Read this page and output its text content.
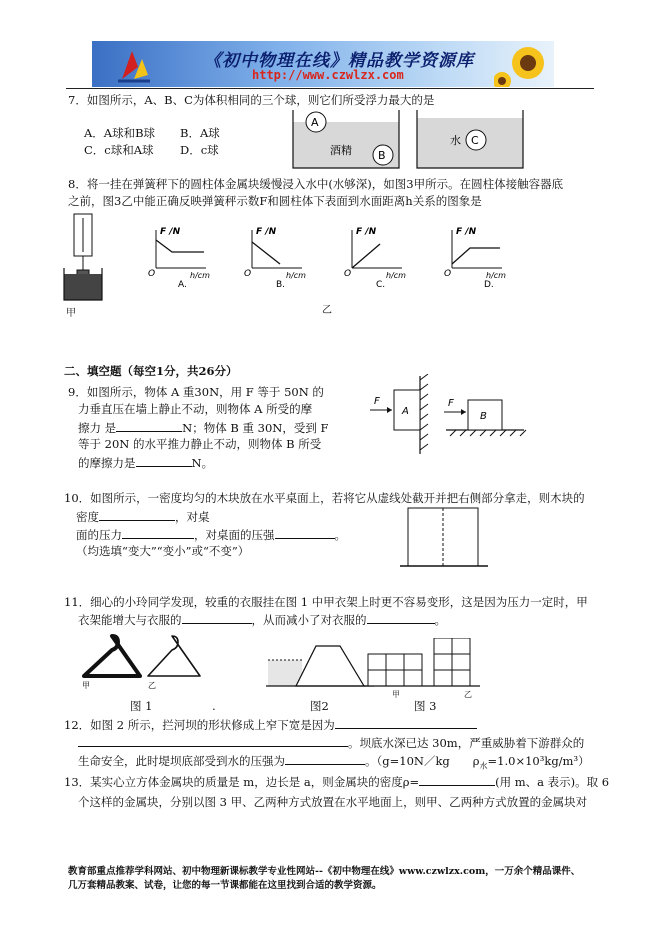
《初中物理在线》精品教学资源库
http://www.czwlzx.com
7．如图所示，A、B、C为体积相同的三个球，则它们所受浮力最大的是
A．A球和B球 B．A球
C．c球和A球 D．c球
A
B
C
酒精
水
8．将一挂在弹簧秤下的圆柱体金属块缓慢浸入水中(水够深)，如图3甲所示。在圆柱体接触容器底
之前，图3乙中能正确反映弹簧秤示数F和圆柱体下表面到水面距离h关系的图象是
甲
F /N
h/cm
O
A.
F /N
h/cm
O
B.
F /N
h/cm
O
C.
F /N
h/cm
O
D.
乙
二、填空题（每空1分，共26分）
9．如图所示，物体 A 重30N，用 F 等于 50N 的
力垂直压在墙上静止不动，则物体 A 所受的摩
擦力 是	N；物体 B 重 30N，受到 F
等于 20N 的水平推力静止不动，则物体 B 所受
的摩擦力是	N。
F
A
F
B
10．如图所示，一密度均匀的木块放在水平桌面上，若将它从虚线处截开并把右侧部分拿走，则木块的
密度	，对桌
面的压力	，对桌面的压强	。
（均选填“变大”“变小”或“不变”）
11．细心的小玲同学发现，较重的衣服挂在图 1 中甲衣架上时更不容易变形，这是因为压力一定时，甲
衣架能增大与衣服的	，从而减小了对衣服的	。
甲	乙
甲	乙
图 1	.	图2	图 3
12．如图 2 所示，拦河坝的形状修成上窄下宽是因为
。坝底水深已达 30m，严重威胁着下游群众的
生命安全，此时堤坝底部受到水的压强为	。（g=10N／kg　　$\rho_水=1.0\times 10^3kg/m^3$）
13．某实心立方体金属块的质量是 m，边长是 a，则金属块的密度ρ=	(用 m、a 表示)。取 6
个这样的金属块，分别以图 3 甲、乙两种方式放置在水平地面上，则甲、乙两种方式放置的金属块对
教育部重点推荐学科网站、初中物理新课标教学专业性网站--《初中物理在线》www.czwlzx.com，一万余个精品课件、
几万套精品教案、试卷，让您的每一节课都能在这里找到合适的教学资源。
